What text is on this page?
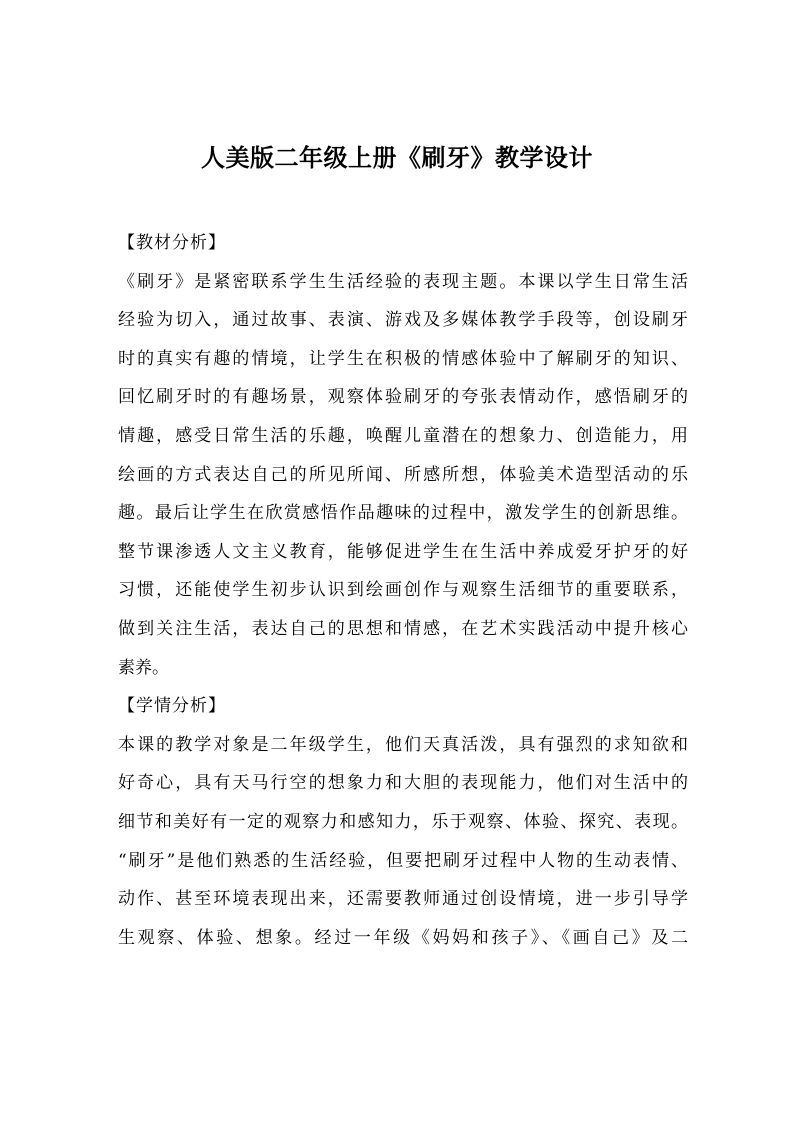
人美版二年级上册《刷牙》教学设计
【教材分析】
《刷牙》是紧密联系学生生活经验的表现主题。本课以学生日常生活
经验为切入，通过故事、表演、游戏及多媒体教学手段等，创设刷牙
时的真实有趣的情境，让学生在积极的情感体验中了解刷牙的知识、
回忆刷牙时的有趣场景，观察体验刷牙的夸张表情动作，感悟刷牙的
情趣，感受日常生活的乐趣，唤醒儿童潜在的想象力、创造能力，用
绘画的方式表达自己的所见所闻、所感所想，体验美术造型活动的乐
趣。最后让学生在欣赏感悟作品趣味的过程中，激发学生的创新思维。
整节课渗透人文主义教育，能够促进学生在生活中养成爱牙护牙的好
习惯，还能使学生初步认识到绘画创作与观察生活细节的重要联系，
做到关注生活，表达自己的思想和情感，在艺术实践活动中提升核心
素养。
【学情分析】
本课的教学对象是二年级学生，他们天真活泼，具有强烈的求知欲和
好奇心，具有天马行空的想象力和大胆的表现能力，他们对生活中的
细节和美好有一定的观察力和感知力，乐于观察、体验、探究、表现。
“刷牙”是他们熟悉的生活经验，但要把刷牙过程中人物的生动表情、
动作、甚至环境表现出来，还需要教师通过创设情境，进一步引导学
生观察、体验、想象。经过一年级《妈妈和孩子》、《画自己》及二
